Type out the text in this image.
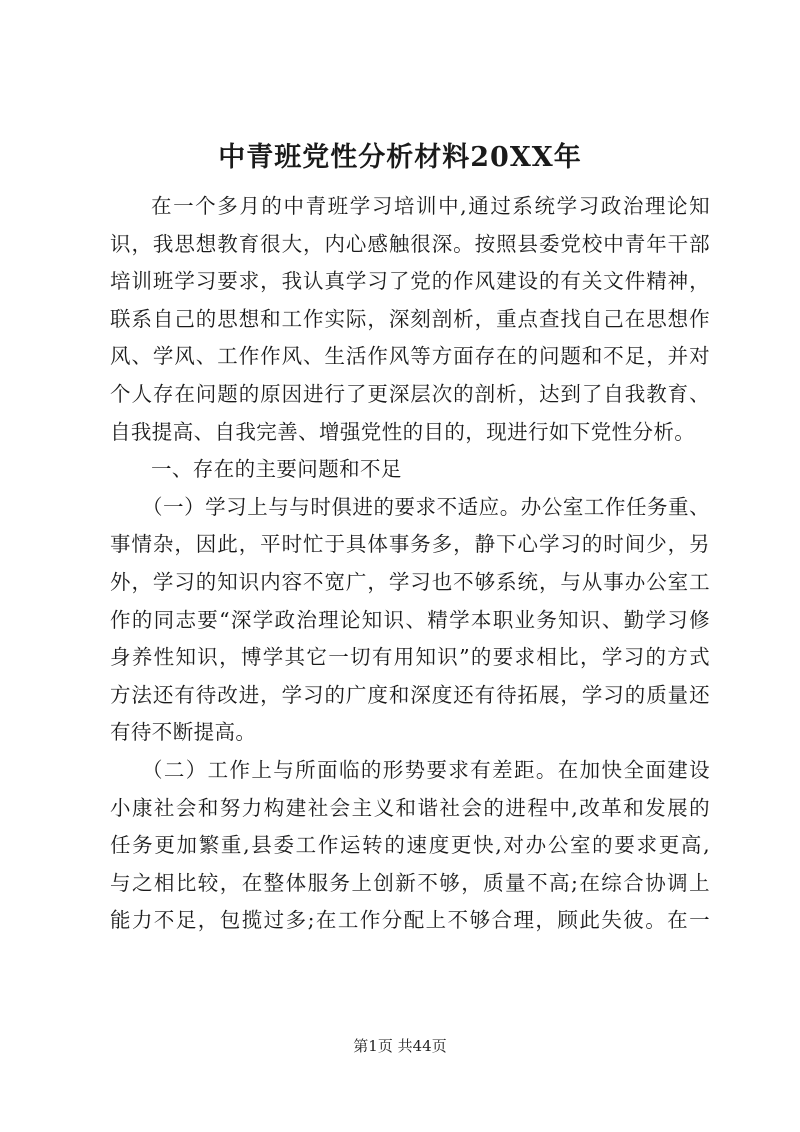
中青班党性分析材料20XX年
在一个多月的中青班学习培训中,通过系统学习政治理论知
识，我思想教育很大，内心感触很深。按照县委党校中青年干部
培训班学习要求，我认真学习了党的作风建设的有关文件精神，
联系自己的思想和工作实际，深刻剖析，重点查找自己在思想作
风、学风、工作作风、生活作风等方面存在的问题和不足，并对
个人存在问题的原因进行了更深层次的剖析，达到了自我教育、
自我提高、自我完善、增强党性的目的，现进行如下党性分析。
一、存在的主要问题和不足
（一）学习上与与时俱进的要求不适应。办公室工作任务重、
事情杂，因此，平时忙于具体事务多，静下心学习的时间少，另
外，学习的知识内容不宽广，学习也不够系统，与从事办公室工
作的同志要“深学政治理论知识、精学本职业务知识、勤学习修
身养性知识，博学其它一切有用知识”的要求相比，学习的方式
方法还有待改进，学习的广度和深度还有待拓展，学习的质量还
有待不断提高。
（二）工作上与所面临的形势要求有差距。在加快全面建设
小康社会和努力构建社会主义和谐社会的进程中,改革和发展的
任务更加繁重,县委工作运转的速度更快,对办公室的要求更高,
与之相比较，在整体服务上创新不够，质量不高;在综合协调上
能力不足，包揽过多;在工作分配上不够合理，顾此失彼。在一
第1页 共44页
